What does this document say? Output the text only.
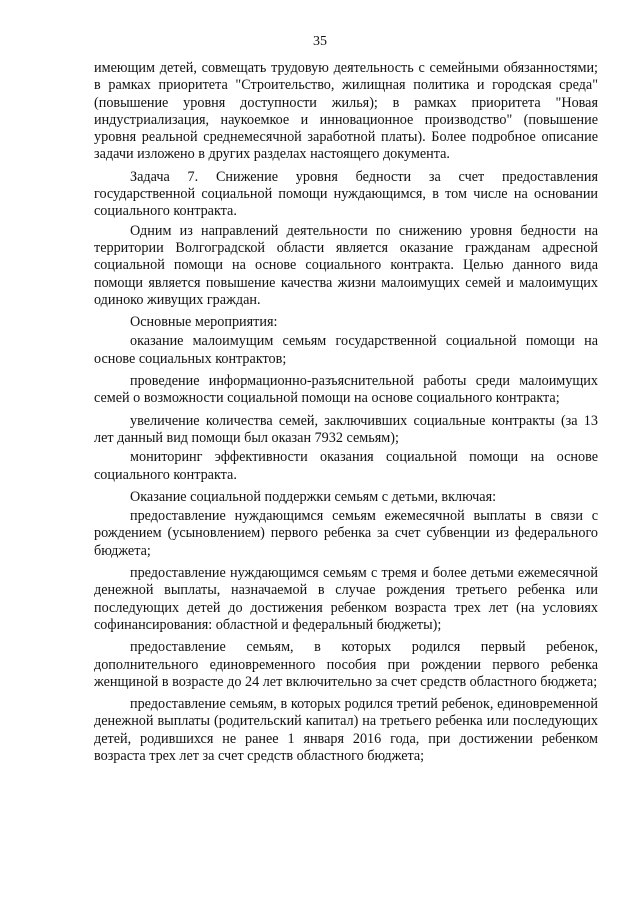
35

имеющим детей, совмещать трудовую деятельность с семейными обязанностями; в рамках приоритета "Строительство, жилищная политика и городская среда" (повышение уровня доступности жилья); в рамках приоритета "Новая индустриализация, наукоемкое и инновационное производство" (повышение уровня реальной среднемесячной заработной платы). Более подробное описание задачи изложено в других разделах настоящего документа.

Задача 7. Снижение уровня бедности за счет предоставления государственной социальной помощи нуждающимся, в том числе на основании социального контракта.

Одним из направлений деятельности по снижению уровня бедности на территории Волгоградской области является оказание гражданам адресной социальной помощи на основе социального контракта. Целью данного вида помощи является повышение качества жизни малоимущих семей и малоимущих одиноко живущих граждан.

Основные мероприятия:

оказание малоимущим семьям государственной социальной помощи на основе социальных контрактов;

проведение информационно-разъяснительной работы среди малоимущих семей о возможности социальной помощи на основе социального контракта;

увеличение количества семей, заключивших социальные контракты (за 13 лет данный вид помощи был оказан 7932 семьям);

мониторинг эффективности оказания социальной помощи на основе социального контракта.

Оказание социальной поддержки семьям с детьми, включая:

предоставление нуждающимся семьям ежемесячной выплаты в связи с рождением (усыновлением) первого ребенка за счет субвенции из федерального бюджета;

предоставление нуждающимся семьям с тремя и более детьми ежемесячной денежной выплаты, назначаемой в случае рождения третьего ребенка или последующих детей до достижения ребенком возраста трех лет (на условиях софинансирования: областной и федеральный бюджеты);

предоставление семьям, в которых родился первый ребенок, дополнительного единовременного пособия при рождении первого ребенка женщиной в возрасте до 24 лет включительно за счет средств областного бюджета;

предоставление семьям, в которых родился третий ребенок, единовременной денежной выплаты (родительский капитал) на третьего ребенка или последующих детей, родившихся не ранее 1 января 2016 года, при достижении ребенком возраста трех лет за счет средств областного бюджета;
